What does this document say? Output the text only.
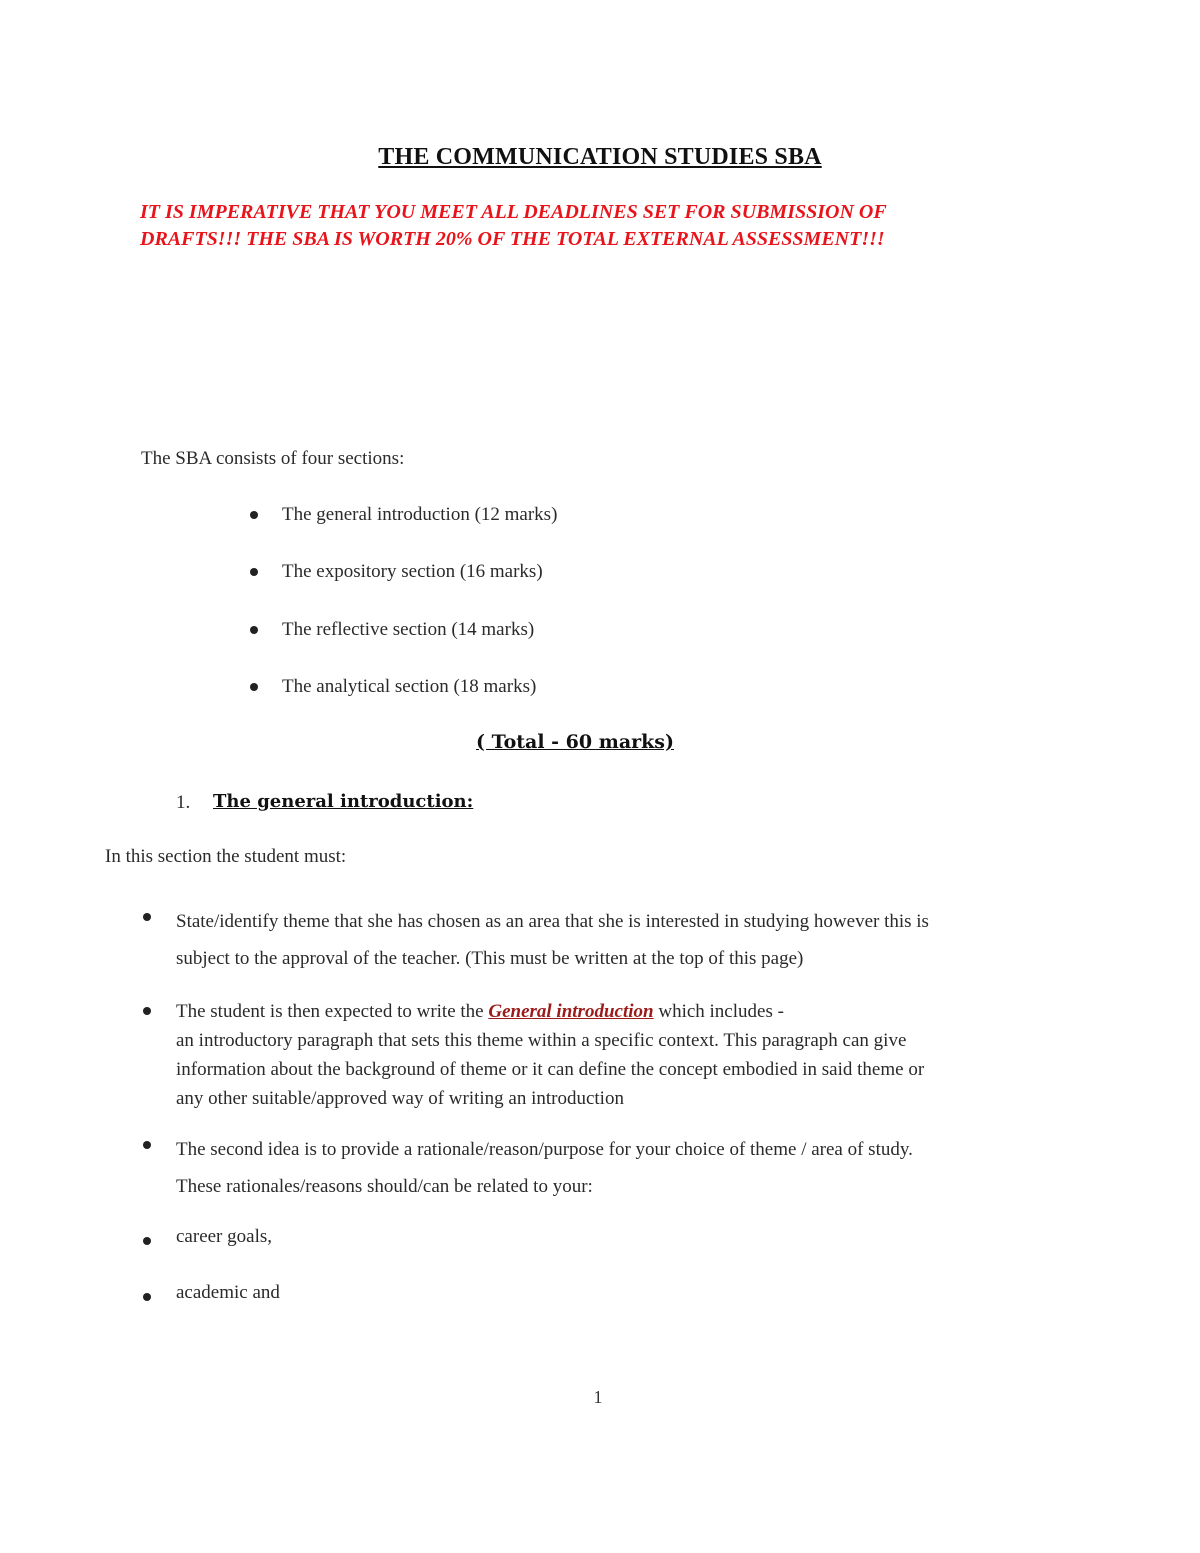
THE COMMUNICATION STUDIES SBA
IT IS IMPERATIVE THAT YOU MEET ALL DEADLINES SET FOR SUBMISSION OF
DRAFTS!!! THE SBA IS WORTH 20% OF THE TOTAL EXTERNAL ASSESSMENT!!!

The SBA consists of four sections:

The general introduction (12 marks)
The expository section (16 marks)
The reflective section (14 marks)
The analytical section (18 marks)
( Total - 60 marks)
1. The general introduction:

In this section the student must:

State/identify theme that she has chosen as an area that she is interested in studying however this is
subject to the approval of the teacher. (This must be written at the top of this page)
The student is then expected to write the General introduction which includes -
an introductory paragraph that sets this theme within a specific context. This paragraph can give
information about the background of theme or it can define the concept embodied in said theme or
any other suitable/approved way of writing an introduction
The second idea is to provide a rationale/reason/purpose for your choice of theme / area of study.
These rationales/reasons should/can be related to your:
career goals,
academic and
1
